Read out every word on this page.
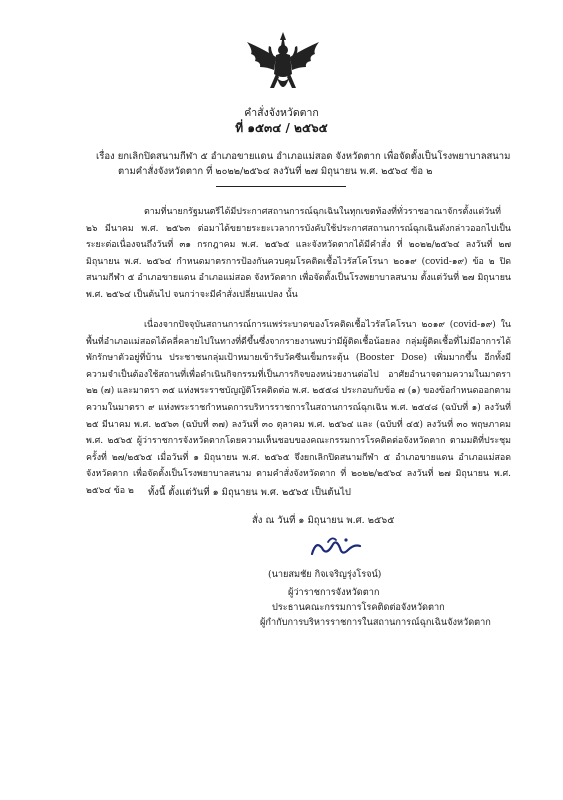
คำสั่งจังหวัดตาก
ที่ ๑๕๓๔ / ๒๕๖๕
เรื่อง ยกเลิกปิดสนามกีฬา ๕ อำเภอขายแดน อำเภอแม่สอด จังหวัดตาก เพื่อจัดตั้งเป็นโรงพยาบาลสนาม
ตามคำสั่งจังหวัดตาก ที่ ๒๐๒๒/๒๕๖๔ ลงวันที่ ๒๗ มิถุนายน พ.ศ. ๒๕๖๔ ข้อ ๒
ตามที่นายกรัฐมนตรีได้มีประกาศสถานการณ์ฉุกเฉินในทุกเขตท้องที่ทั่วราชอาณาจักรตั้งแต่วันที่ ๒๖ มีนาคม พ.ศ. ๒๕๖๓ ต่อมาได้ขยายระยะเวลาการบังคับใช้ประกาศสถานการณ์ฉุกเฉินดังกล่าวออกไปเป็นระยะต่อเนื่องจนถึงวันที่ ๓๑ กรกฎาคม พ.ศ. ๒๕๖๕ และจังหวัดตากได้มีคำสั่ง ที่ ๒๐๒๒/๒๕๖๔ ลงวันที่ ๒๗ มิถุนายน พ.ศ. ๒๕๖๔ กำหนดมาตรการป้องกันควบคุมโรคติดเชื้อไวรัสโคโรนา ๒๐๑๙ (covid-๑๙) ข้อ ๒ ปิดสนามกีฬา ๕ อำเภอขายแดน อำเภอแม่สอด จังหวัดตาก เพื่อจัดตั้งเป็นโรงพยาบาลสนาม ตั้งแต่วันที่ ๒๗ มิถุนายน พ.ศ. ๒๕๖๔ เป็นต้นไป จนกว่าจะมีคำสั่งเปลี่ยนแปลง นั้น
เนื่องจากปัจจุบันสถานการณ์การแพร่ระบาดของโรคติดเชื้อไวรัสโคโรนา ๒๐๑๙ (covid-๑๙) ในพื้นที่อำเภอแม่สอดได้คลี่คลายไปในทางที่ดีขึ้นซึ่งจากรายงานพบว่ามีผู้ติดเชื้อน้อยลง กลุ่มผู้ติดเชื้อที่ไม่มีอาการได้พักรักษาตัวอยู่ที่บ้าน ประชาชนกลุ่มเป้าหมายเข้ารับวัคซีนเข็มกระตุ้น (Booster Dose) เพิ่มมากขึ้น อีกทั้งมีความจำเป็นต้องใช้สถานที่เพื่อดำเนินกิจกรรมที่เป็นภารกิจของหน่วยงานต่อไป อาศัยอำนาจตามความในมาตรา ๒๒ (๗) และมาตรา ๓๕ แห่งพระราชบัญญัติโรคติดต่อ พ.ศ. ๒๕๕๘ ประกอบกับข้อ ๗ (๑) ของข้อกำหนดออกตามความในมาตรา ๙ แห่งพระราชกำหนดการบริหารราชการในสถานการณ์ฉุกเฉิน พ.ศ. ๒๕๔๘ (ฉบับที่ ๑) ลงวันที่ ๒๕ มีนาคม พ.ศ. ๒๕๖๓ (ฉบับที่ ๓๗) ลงวันที่ ๓๐ ตุลาคม พ.ศ. ๒๕๖๔ และ (ฉบับที่ ๔๕) ลงวันที่ ๓๐ พฤษภาคม พ.ศ. ๒๕๖๕ ผู้ว่าราชการจังหวัดตากโดยความเห็นชอบของคณะกรรมการโรคติดต่อจังหวัดตาก ตามมติที่ประชุมครั้งที่ ๒๗/๒๕๖๕ เมื่อวันที่ ๑ มิถุนายน พ.ศ. ๒๕๖๕ จึงยกเลิกปิดสนามกีฬา ๕ อำเภอขายแดน อำเภอแม่สอด จังหวัดตาก เพื่อจัดตั้งเป็นโรงพยาบาลสนาม ตามคำสั่งจังหวัดตาก ที่ ๒๐๒๒/๒๕๖๔ ลงวันที่ ๒๗ มิถุนายน พ.ศ. ๒๕๖๔ ข้อ ๒	ทั้งนี้ ตั้งแต่วันที่ ๑ มิถุนายน พ.ศ. ๒๕๖๕ เป็นต้นไป
สั่ง ณ วันที่ ๑ มิถุนายน พ.ศ. ๒๕๖๕
(นายสมชัย กิจเจริญรุ่งโรจน์)
ผู้ว่าราชการจังหวัดตาก
ประธานคณะกรรมการโรคติดต่อจังหวัดตาก
ผู้กำกับการบริหารราชการในสถานการณ์ฉุกเฉินจังหวัดตาก
